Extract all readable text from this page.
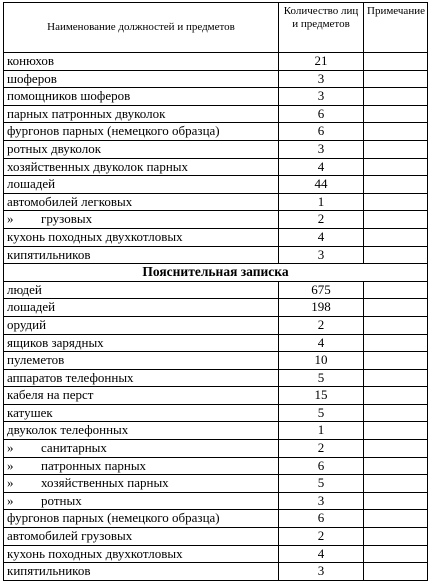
Наименование должностей и предметов	Количество лиц и предметов	Примечание
конюхов	21	
шоферов	3	
помощников шоферов	3	
парных патронных двуколок	6	
фургонов парных (немецкого образца)	6	
ротных двуколок	3	
хозяйственных двуколок парных	4	
лошадей	44	
автомобилей легковых	1	
» грузовых	2	
кухонь походных двухкотловых	4	
кипятильников	3	
Пояснительная записка		
людей	675	
лошадей	198	
орудий	2	
ящиков зарядных	4	
пулеметов	10	
аппаратов телефонных	5	
кабеля на перст	15	
катушек	5	
двуколок телефонных	1	
» санитарных	2	
» патронных парных	6	
» хозяйственных парных	5	
» ротных	3	
фургонов парных (немецкого образца)	6	
автомобилей грузовых	2	
кухонь походных двухкотловых	4	
кипятильников	3	
